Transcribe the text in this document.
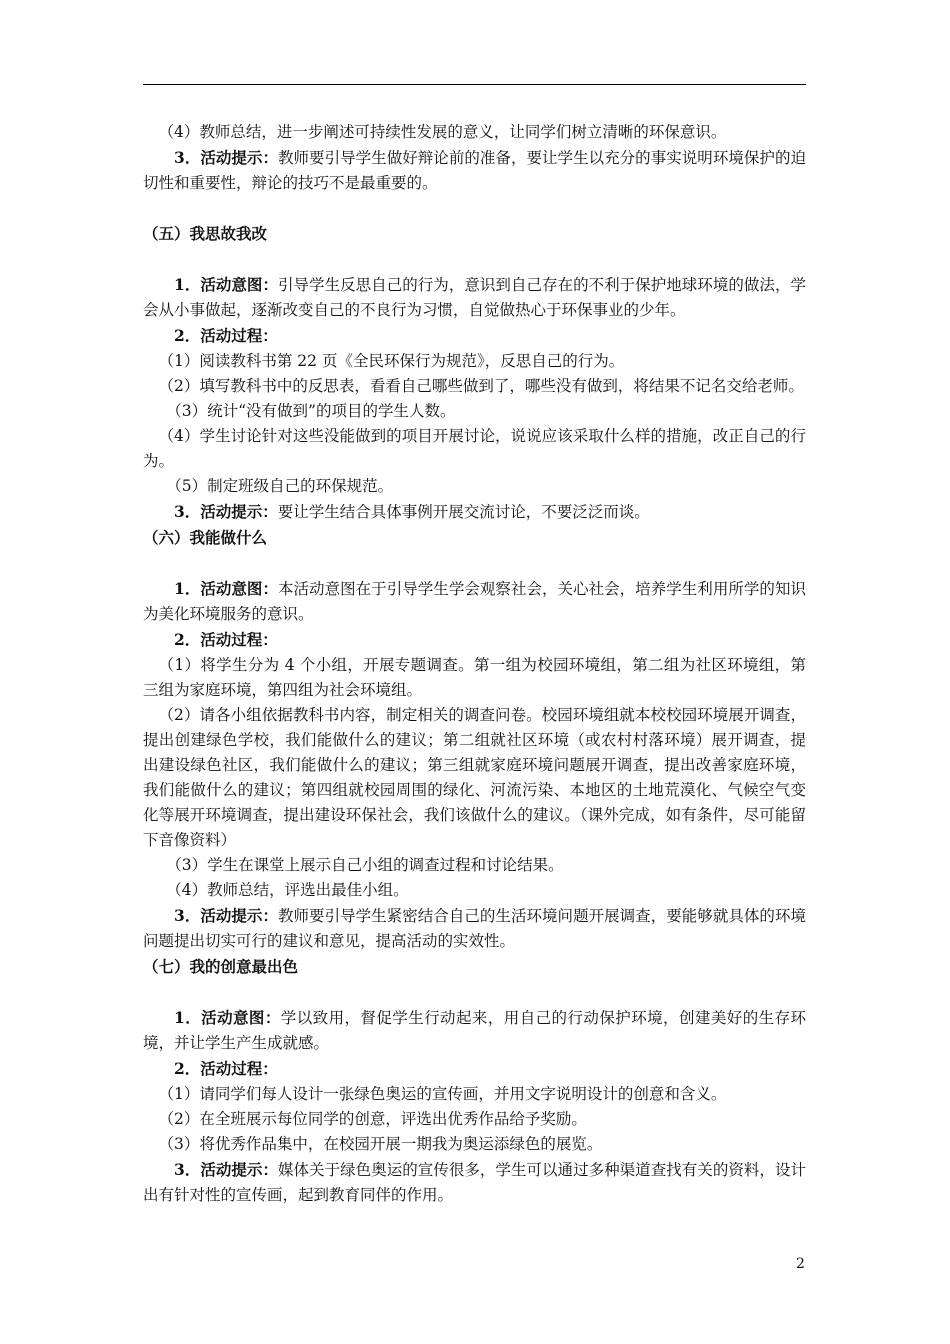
（4）教师总结，进一步阐述可持续性发展的意义，让同学们树立清晰的环保意识。

3．活动提示：教师要引导学生做好辩论前的准备，要让学生以充分的事实说明环境保护的迫切性和重要性，辩论的技巧不是最重要的。

（五）我思故我改

1．活动意图：引导学生反思自己的行为，意识到自己存在的不利于保护地球环境的做法，学会从小事做起，逐渐改变自己的不良行为习惯，自觉做热心于环保事业的少年。

2．活动过程：

（1）阅读教科书第 22 页《全民环保行为规范》，反思自己的行为。

（2）填写教科书中的反思表，看看自己哪些做到了，哪些没有做到，将结果不记名交给老师。

（3）统计“没有做到”的项目的学生人数。

（4）学生讨论针对这些没能做到的项目开展讨论，说说应该采取什么样的措施，改正自己的行为。

（5）制定班级自己的环保规范。

3．活动提示：要让学生结合具体事例开展交流讨论，不要泛泛而谈。

（六）我能做什么

1．活动意图：本活动意图在于引导学生学会观察社会，关心社会，培养学生利用所学的知识为美化环境服务的意识。

2．活动过程：

（1）将学生分为 4 个小组，开展专题调查。第一组为校园环境组，第二组为社区环境组，第三组为家庭环境，第四组为社会环境组。

（2）请各小组依据教科书内容，制定相关的调查问卷。校园环境组就本校校园环境展开调查，提出创建绿色学校，我们能做什么的建议；第二组就社区环境（或农村村落环境）展开调查，提出建设绿色社区，我们能做什么的建议；第三组就家庭环境问题展开调查，提出改善家庭环境，我们能做什么的建议；第四组就校园周围的绿化、河流污染、本地区的土地荒漠化、气候空气变化等展开环境调查，提出建设环保社会，我们该做什么的建议。（课外完成，如有条件，尽可能留下音像资料）

（3）学生在课堂上展示自己小组的调查过程和讨论结果。

（4）教师总结，评选出最佳小组。

3．活动提示：教师要引导学生紧密结合自己的生活环境问题开展调查，要能够就具体的环境问题提出切实可行的建议和意见，提高活动的实效性。

（七）我的创意最出色

1．活动意图：学以致用，督促学生行动起来，用自己的行动保护环境，创建美好的生存环境，并让学生产生成就感。

2．活动过程：

（1）请同学们每人设计一张绿色奥运的宣传画，并用文字说明设计的创意和含义。

（2）在全班展示每位同学的创意，评选出优秀作品给予奖励。

（3）将优秀作品集中，在校园开展一期我为奥运添绿色的展览。

3．活动提示：媒体关于绿色奥运的宣传很多，学生可以通过多种渠道查找有关的资料，设计出有针对性的宣传画，起到教育同伴的作用。

2
